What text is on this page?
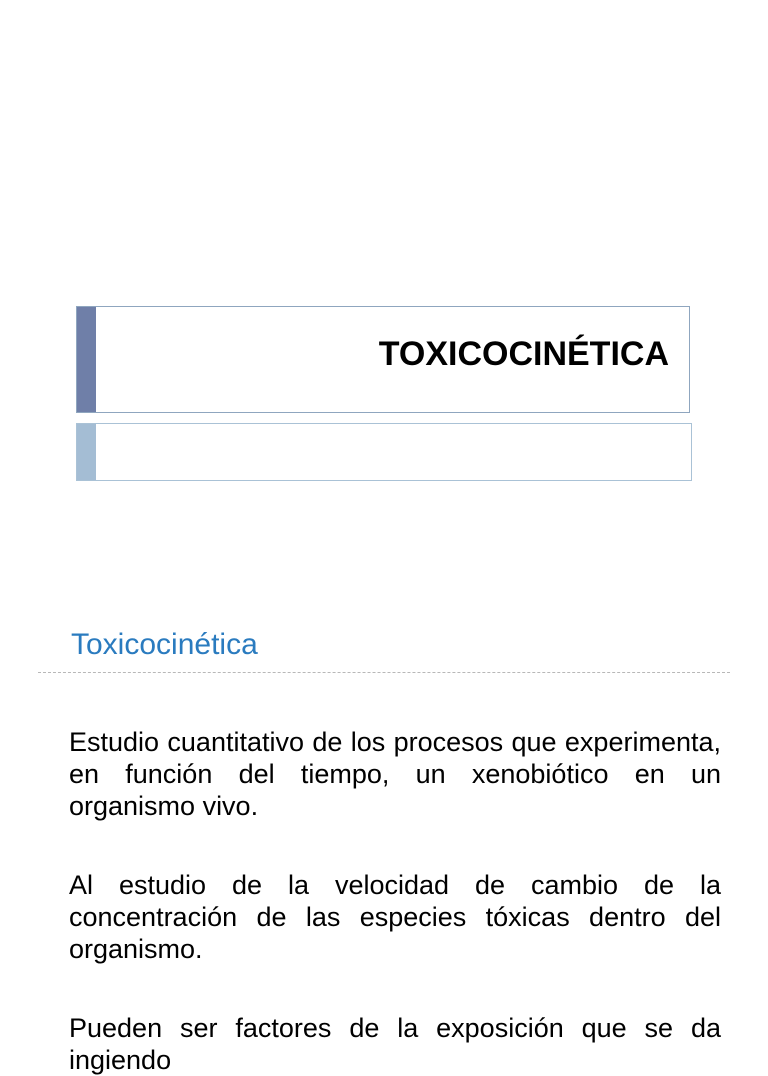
TOXICOCINÉTICA
Toxicocinética
Estudio cuantitativo de los procesos que experimenta, en función del tiempo, un xenobiótico en un organismo vivo.
Al estudio de la velocidad de cambio de la concentración de las especies tóxicas dentro del organismo.
Pueden ser factores de la exposición que se da ingiendo
